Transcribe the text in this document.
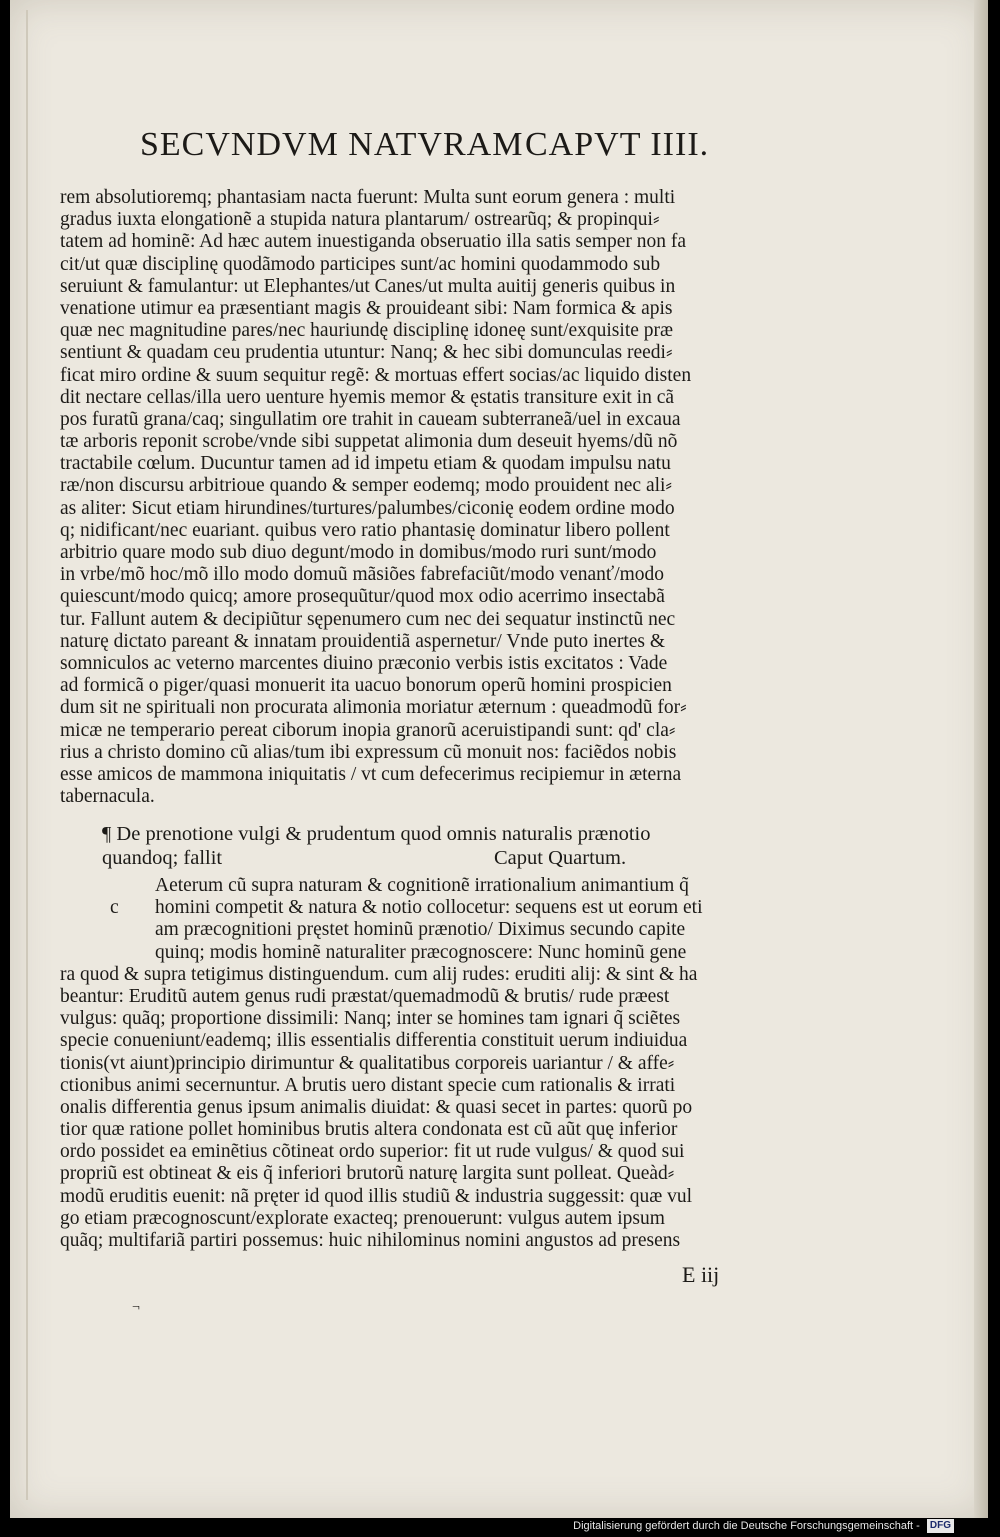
SECVNDVM NATVRAM CAPVT IIII.
rem absolutioremq; phantasiam nacta fuerunt: Multa sunt eorum genera : multi
gradus iuxta elongationẽ a stupida natura plantarum/ ostrearũq; & propinqui⸗
tatem ad hominẽ: Ad hæc autem inuestiganda obseruatio illa satis semper non fa
cit/ut quæ disciplinę quodãmodo participes sunt/ac homini quodammodo sub
seruiunt & famulantur: ut Elephantes/ut Canes/ut multa auitij generis quibus in
venatione utimur ea præsentiant magis & prouideant sibi: Nam formica & apis
quæ nec magnitudine pares/nec hauriundę disciplinę idoneę sunt/exquisite præ
sentiunt & quadam ceu prudentia utuntur: Nanq; & hec sibi domunculas reedi⸗
ficat miro ordine & suum sequitur regẽ: & mortuas effert socias/ac liquido disten
dit nectare cellas/illa uero uenture hyemis memor & ęstatis transiture exit in cã
pos furatũ grana/caq; singullatim ore trahit in caueam subterraneã/uel in excaua
tæ arboris reponit scrobe/vnde sibi suppetat alimonia dum deseuit hyems/dũ nõ
tractabile cœlum. Ducuntur tamen ad id impetu etiam & quodam impulsu natu
ræ/non discursu arbitrioue quando & semper eodemq; modo prouident nec ali⸗
as aliter: Sicut etiam hirundines/turtures/palumbes/ciconię eodem ordine modo
q; nidificant/nec euariant. quibus vero ratio phantasię dominatur libero pollent
arbitrio quare modo sub diuo degunt/modo in domibus/modo ruri sunt/modo
in vrbe/mõ hoc/mõ illo modo domuũ mãsiões fabrefaciũt/modo venanť/modo
quiescunt/modo quicq; amore prosequũtur/quod mox odio acerrimo insectabã
tur. Fallunt autem & decipiũtur sępenumero cum nec dei sequatur instinctũ nec
naturę dictato pareant & innatam prouidentiã aspernetur/ Vnde puto inertes &
somniculos ac veterno marcentes diuino præconio verbis istis excitatos : Vade
ad formicã o piger/quasi monuerit ita uacuo bonorum operũ homini prospicien
dum sit ne spirituali non procurata alimonia moriatur æternum : queadmodũ for⸗
micæ ne temperario pereat ciborum inopia granorũ aceruistipandi sunt: qd' cla⸗
rius a christo domino cũ alias/tum ibi expressum cũ monuit nos: faciẽdos nobis
esse amicos de mammona iniquitatis / vt cum defecerimus recipiemur in æterna
tabernacula.
¶ De prenotione vulgi & prudentum quod omnis naturalis prænotio
quandoq; fallit	Caput Quartum.
Aeterum cũ supra naturam & cognitionẽ irrationalium animantium q̃
c homini competit & natura & notio collocetur: sequens est ut eorum eti
am præcognitioni pręstet hominũ prænotio/ Diximus secundo capite
quinq; modis hominẽ naturaliter præcognoscere: Nunc hominũ gene
ra quod & supra tetigimus distinguendum. cum alij rudes: eruditi alij: & sint & ha
beantur: Eruditũ autem genus rudi præstat/quemadmodũ & brutis/ rude præest
vulgus: quãq; proportione dissimili: Nanq; inter se homines tam ignari q̃ sciẽtes
specie conueniunt/eademq; illis essentialis differentia constituit uerum indiuidua
tionis(vt aiunt)principio dirimuntur & qualitatibus corporeis uariantur / & affe⸗
ctionibus animi secernuntur. A brutis uero distant specie cum rationalis & irrati
onalis differentia genus ipsum animalis diuidat: & quasi secet in partes: quorũ po
tior quæ ratione pollet hominibus brutis altera condonata est cũ aũt quę inferior
ordo possidet ea eminẽtius cõtineat ordo superior: fit ut rude vulgus/ & quod sui
propriũ est obtineat & eis q̃ inferiori brutorũ naturę largita sunt polleat. Queàd⸗
modũ eruditis euenit: nã pręter id quod illis studiũ & industria suggessit: quæ vul
go etiam præcognoscunt/explorate exacteq; prenouerunt: vulgus autem ipsum
quãq; multifariã partiri possemus: huic nihilominus nomini angustos ad presens
E iij
¬
Digitalisierung gefördert durch die Deutsche Forschungsgemeinschaft - DFG
